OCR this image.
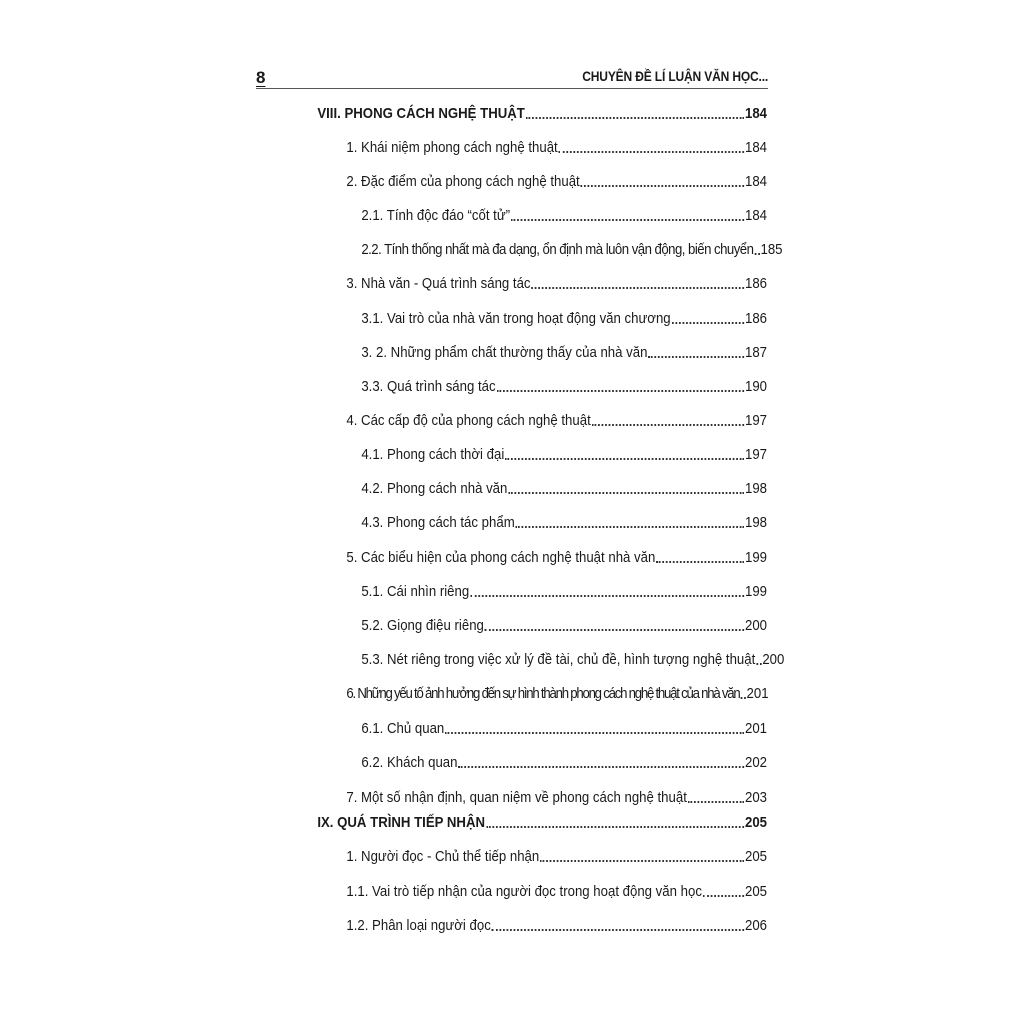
8	CHUYÊN ĐỀ LÍ LUẬN VĂN HỌC...
VIII. PHONG CÁCH NGHỆ THUẬT	184
1. Khái niệm phong cách nghệ thuật	184
2. Đặc điểm của phong cách nghệ thuật	184
2.1. Tính độc đáo “cốt tử”	184
2.2. Tính thống nhất mà đa dạng, ổn định mà luôn vận động, biến chuyển 185
3. Nhà văn - Quá trình sáng tác	186
3.1. Vai trò của nhà văn trong hoạt động văn chương	186
3. 2. Những phẩm chất thường thấy của nhà văn	187
3.3. Quá trình sáng tác	190
4. Các cấp độ của phong cách nghệ thuật	197
4.1. Phong cách thời đại	197
4.2. Phong cách nhà văn	198
4.3. Phong cách tác phẩm	198
5. Các biểu hiện của phong cách nghệ thuật nhà văn	199
5.1. Cái nhìn riêng	199
5.2. Giọng điệu riêng	200
5.3. Nét riêng trong việc xử lý đề tài, chủ đề, hình tượng nghệ thuật 200
6. Những yếu tố ảnh hưởng đến sự hình thành phong cách nghệ thuật của nhà văn 201
6.1. Chủ quan	201
6.2. Khách quan	202
7. Một số nhận định, quan niệm về phong cách nghệ thuật	203
IX. QUÁ TRÌNH TIẾP NHẬN	205
1. Người đọc - Chủ thể tiếp nhận	205
1.1. Vai trò tiếp nhận của người đọc trong hoạt động văn học	205
1.2. Phân loại người đọc	206
